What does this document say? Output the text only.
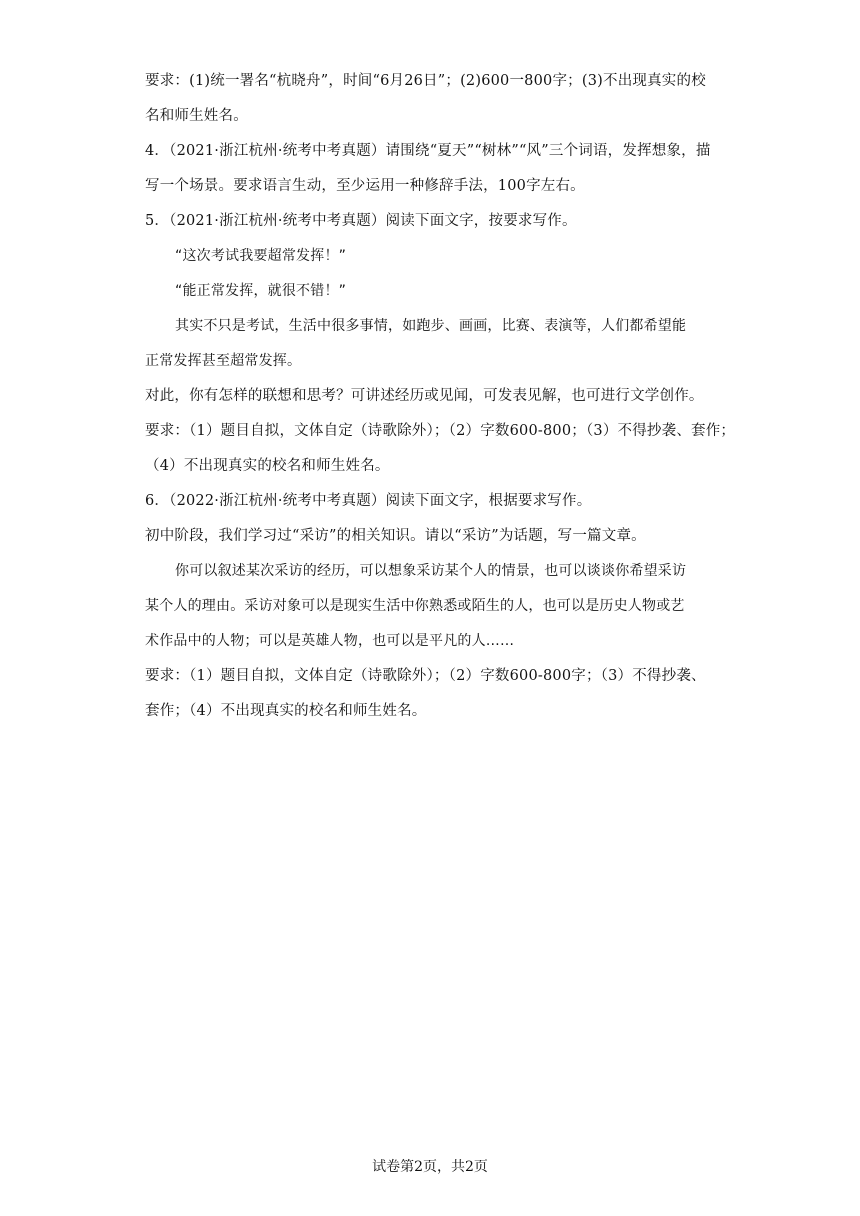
要求：(1)统一署名“杭晓舟”，时间“6月26日”；(2)600一800字；(3)不出现真实的校
名和师生姓名。
4．（2021·浙江杭州·统考中考真题）请围绕“夏天”“树林”“风”三个词语，发挥想象，描
写一个场景。要求语言生动，至少运用一种修辞手法，100字左右。
5．（2021·浙江杭州·统考中考真题）阅读下面文字，按要求写作。
“这次考试我要超常发挥！”
“能正常发挥，就很不错！”
其实不只是考试，生活中很多事情，如跑步、画画，比赛、表演等，人们都希望能
正常发挥甚至超常发挥。
对此，你有怎样的联想和思考？可讲述经历或见闻，可发表见解，也可进行文学创作。
要求：（1）题目自拟，文体自定（诗歌除外）；（2）字数600-800；（3）不得抄袭、套作；
（4）不出现真实的校名和师生姓名。
6．（2022·浙江杭州·统考中考真题）阅读下面文字，根据要求写作。
初中阶段，我们学习过“采访”的相关知识。请以“采访”为话题，写一篇文章。
你可以叙述某次采访的经历，可以想象采访某个人的情景，也可以谈谈你希望采访
某个人的理由。采访对象可以是现实生活中你熟悉或陌生的人，也可以是历史人物或艺
术作品中的人物；可以是英雄人物，也可以是平凡的人……
要求：（1）题目自拟，文体自定（诗歌除外）；（2）字数600-800字；（3）不得抄袭、
套作；（4）不出现真实的校名和师生姓名。
试卷第2页，共2页
